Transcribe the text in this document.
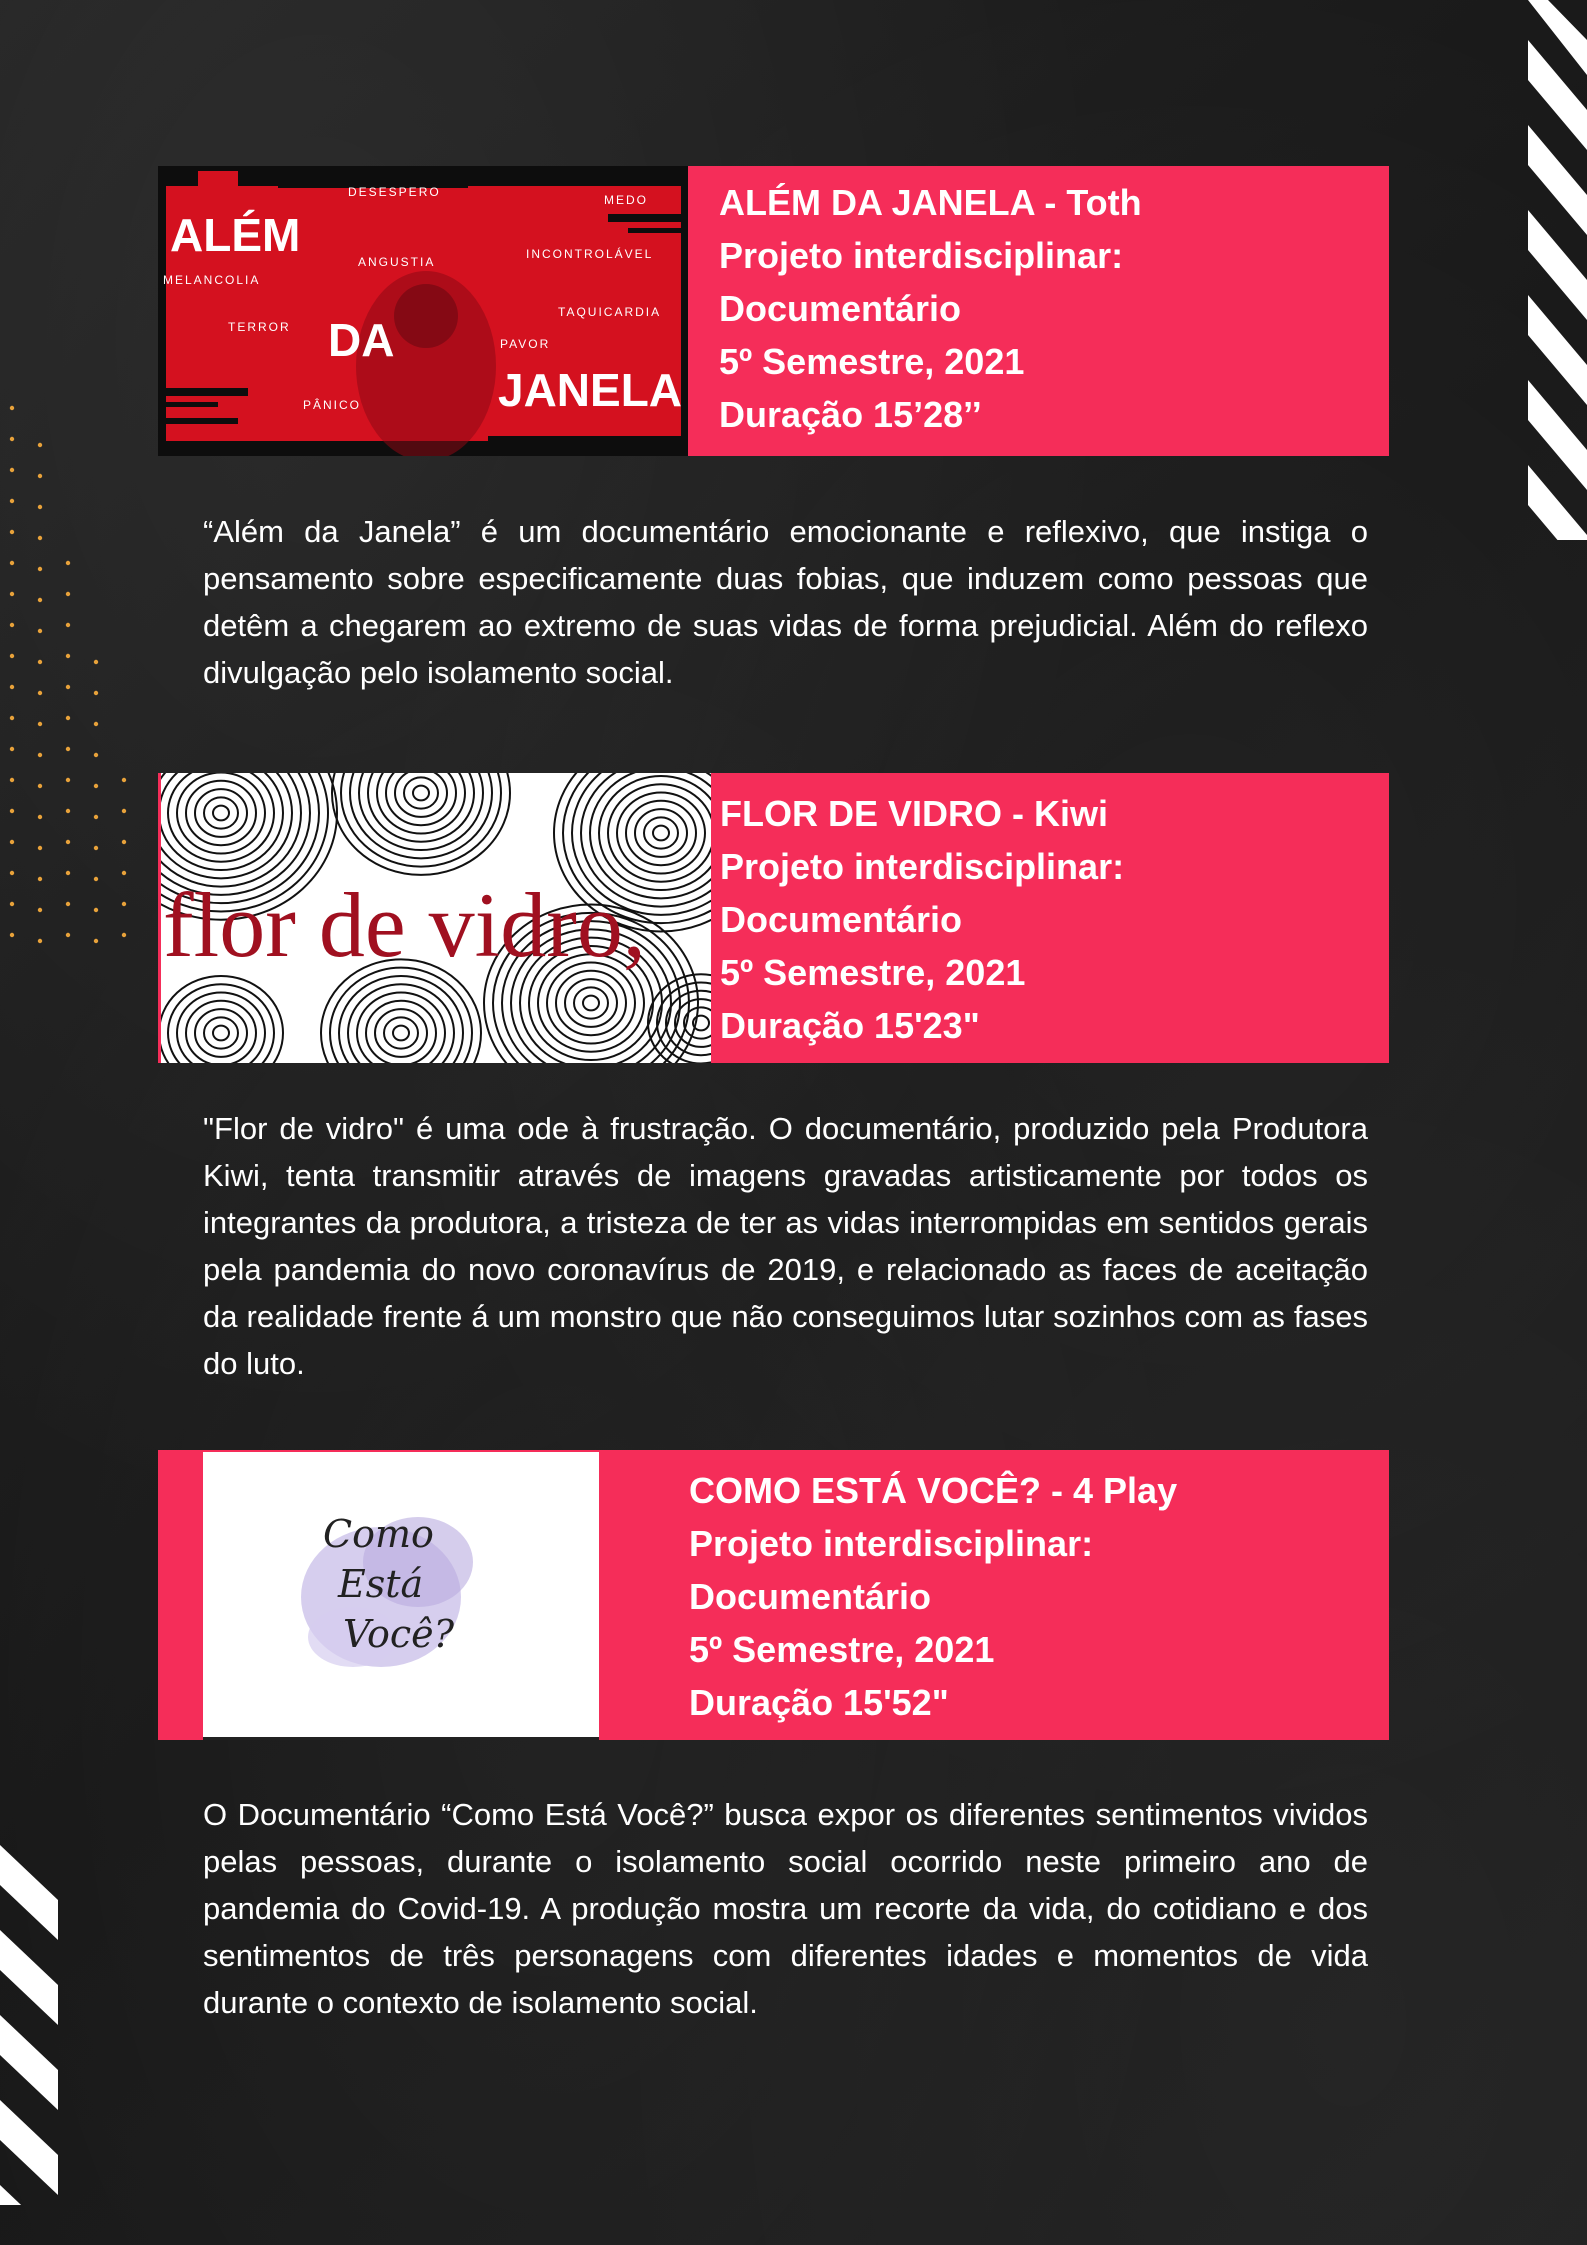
ALÉM
DA
JANELA
DESESPERO
MEDO
ANGUSTIA
INCONTROLÁVEL
MELANCOLIA
TAQUICARDIA
TERROR
PAVOR
PÂNICO
ALÉM DA JANELA - Toth
Projeto interdisciplinar:
Documentário
5º Semestre, 2021
Duração 15’28’’

“Além da Janela” é um documentário emocionante e reflexivo, que instiga o pensamento sobre especificamente duas fobias, que induzem como pessoas que detêm a chegarem ao extremo de suas vidas de forma prejudicial. Além do reflexo divulgação pelo isolamento social.

flor de vidro,
FLOR DE VIDRO - Kiwi
Projeto interdisciplinar:
Documentário
5º Semestre, 2021
Duração 15'23"

"Flor de vidro" é uma ode à frustração. O documentário, produzido pela Produtora Kiwi, tenta transmitir através de imagens gravadas artisticamente por todos os integrantes da produtora, a tristeza de ter as vidas interrompidas em sentidos gerais pela pandemia do novo coronavírus de 2019, e relacionado as faces de aceitação da realidade frente á um monstro que não conseguimos lutar sozinhos com as fases do luto.

Como
Está
Você?
COMO ESTÁ VOCÊ? - 4 Play
Projeto interdisciplinar:
Documentário
5º Semestre, 2021
Duração 15'52"

O Documentário “Como Está Você?” busca expor os diferentes sentimentos vividos pelas pessoas, durante o isolamento social ocorrido neste primeiro ano de pandemia do Covid-19. A produção mostra um recorte da vida, do cotidiano e dos sentimentos de três personagens com diferentes idades e momentos de vida durante o contexto de isolamento social.
